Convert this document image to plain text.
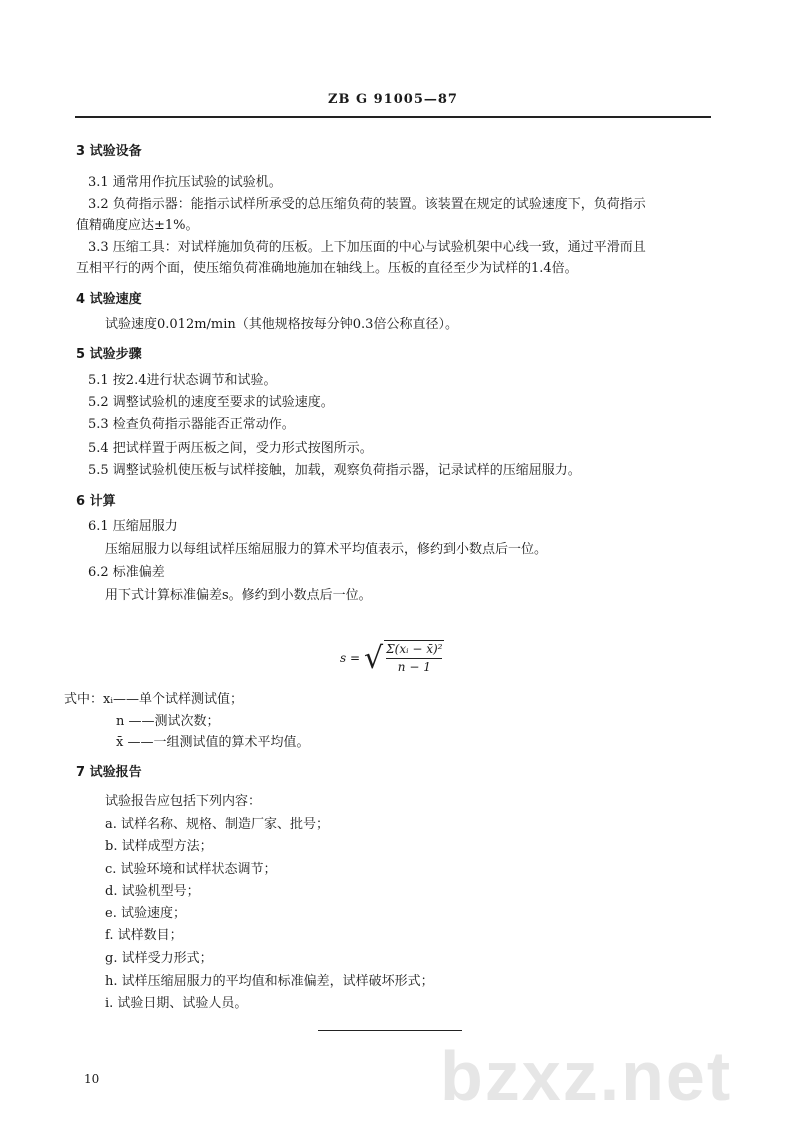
bzxz.net
ZB G 91005—87
3 试验设备
3.1 通常用作抗压试验的试验机。
3.2 负荷指示器：能指示试样所承受的总压缩负荷的装置。该装置在规定的试验速度下，负荷指示
值精确度应达±1%。
3.3 压缩工具：对试样施加负荷的压板。上下加压面的中心与试验机架中心线一致，通过平滑而且
互相平行的两个面，使压缩负荷准确地施加在轴线上。压板的直径至少为试样的1.4倍。
4 试验速度
试验速度0.012m/min（其他规格按每分钟0.3倍公称直径）。
5 试验步骤
5.1 按2.4进行状态调节和试验。
5.2 调整试验机的速度至要求的试验速度。
5.3 检查负荷指示器能否正常动作。
5.4 把试样置于两压板之间，受力形式按图所示。
5.5 调整试验机使压板与试样接触，加载，观察负荷指示器，记录试样的压缩屈服力。
6 计算
6.1 压缩屈服力
压缩屈服力以每组试样压缩屈服力的算术平均值表示，修约到小数点后一位。
6.2 标准偏差
用下式计算标准偏差s。修约到小数点后一位。
s = √ $\frac{\text{Σ(xᵢ − x̄)²}}{n - 1}$
式中：xᵢ——单个试样测试值；
n ——测试次数；
x̄ ——一组测试值的算术平均值。
7 试验报告
试验报告应包括下列内容：
a. 试样名称、规格、制造厂家、批号；
b. 试样成型方法；
c. 试验环境和试样状态调节；
d. 试验机型号；
e. 试验速度；
f. 试样数目；
g. 试样受力形式；
h. 试样压缩屈服力的平均值和标准偏差，试样破坏形式；
i. 试验日期、试验人员。
10
